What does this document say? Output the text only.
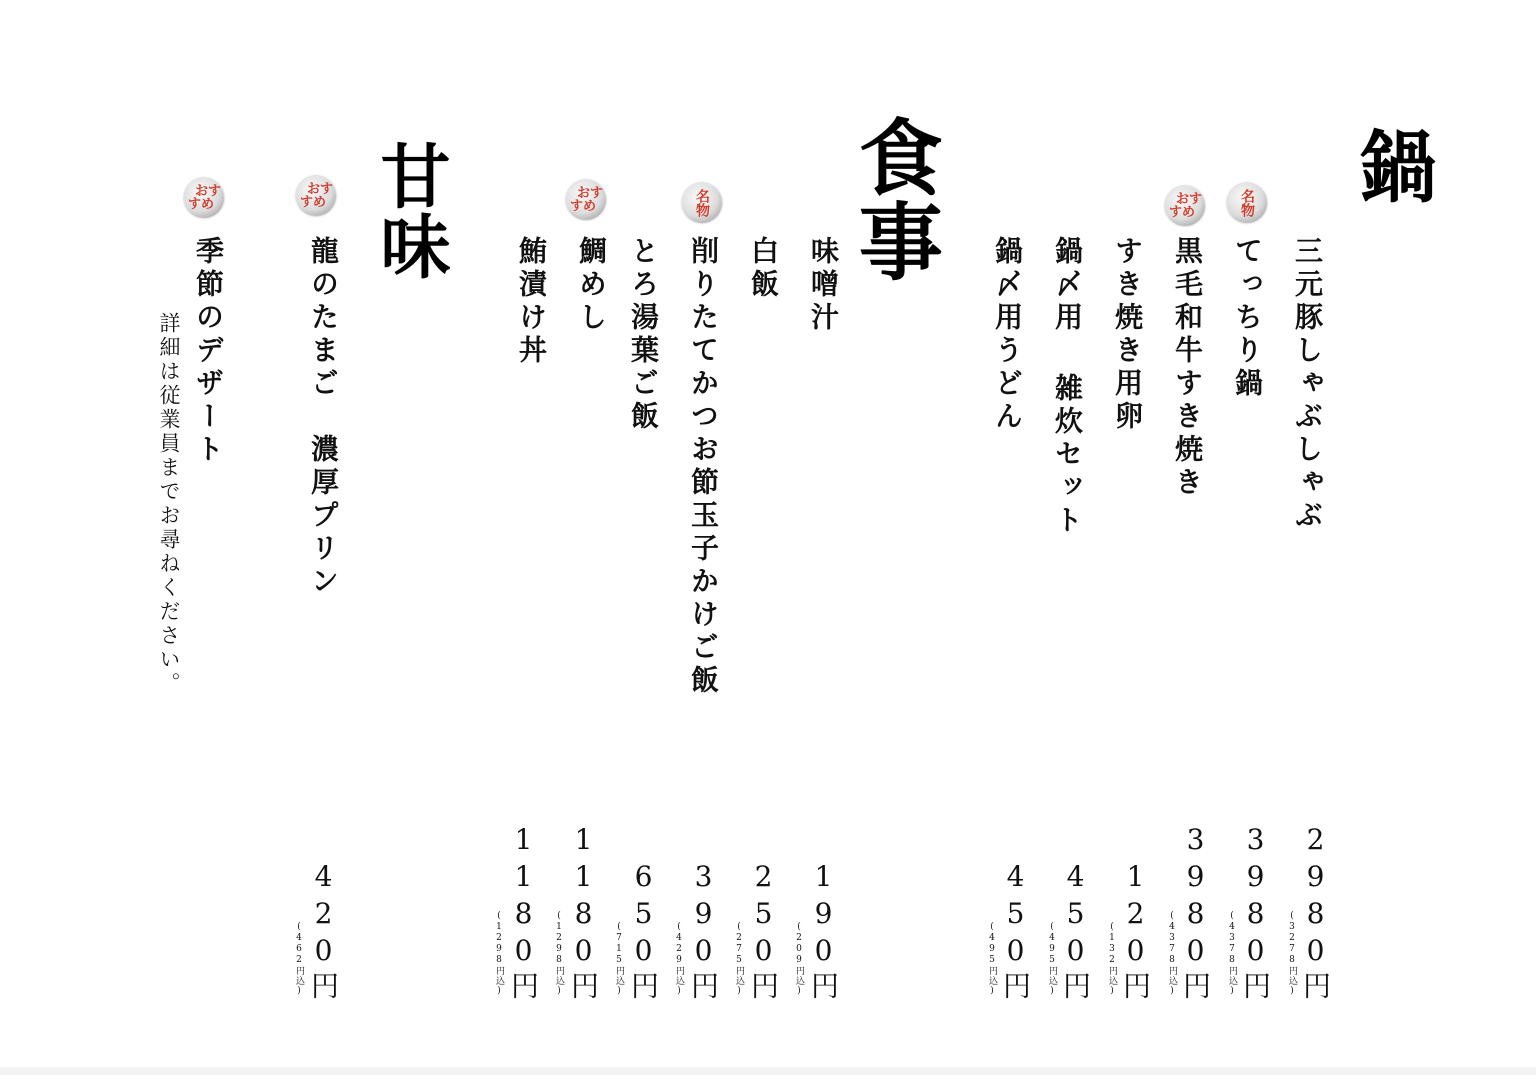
鍋
食事
甘味
三元豚しゃぶしゃぶ
てっちり鍋
黒毛和牛すき焼き
すき焼き用卵
鍋〆用 雑炊セット
鍋〆用うどん
名物
おす
すめ
2980円
(3278円込)
3980円
(4378円込)
3980円
(4378円込)
120円
(132円込)
450円
(495円込)
450円
(495円込)
味噌汁
白飯
削りたてかつお節玉子かけご飯
とろ湯葉ご飯
鯛めし
鮪漬け丼
名物
おす
すめ
190円
(209円込)
250円
(275円込)
390円
(429円込)
650円
(715円込)
1180円
(1298円込)
1180円
(1298円込)
龍のたまご　濃厚プリン
季節のデザート
詳細は従業員までお尋ねください。
おす
すめ
おす
すめ
420円
(462円込)
